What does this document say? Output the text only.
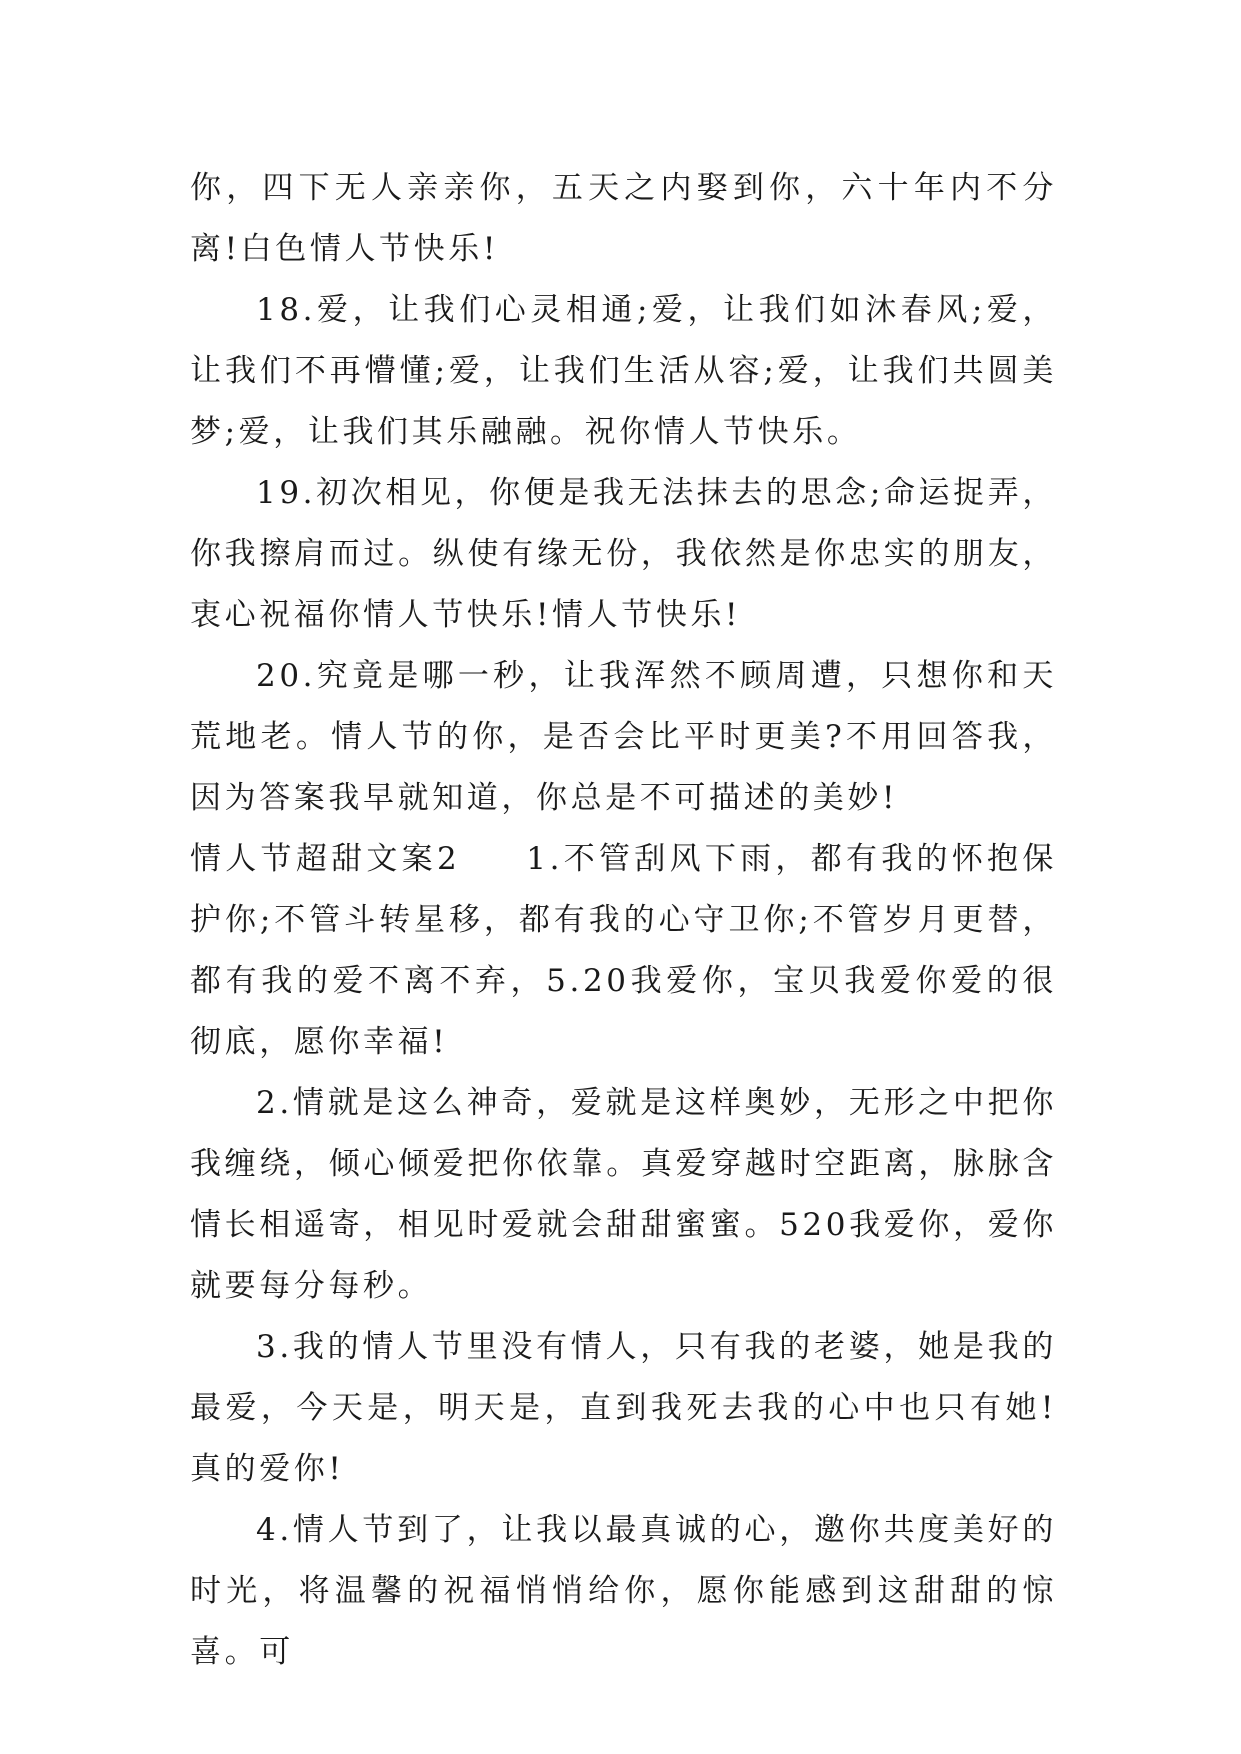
你，四下无人亲亲你，五天之内娶到你，六十年内不分离!白色情人节快乐!

18.爱，让我们心灵相通;爱，让我们如沐春风;爱，让我们不再懵懂;爱，让我们生活从容;爱，让我们共圆美梦;爱，让我们其乐融融。祝你情人节快乐。

19.初次相见，你便是我无法抹去的思念;命运捉弄，你我擦肩而过。纵使有缘无份，我依然是你忠实的朋友，衷心祝福你情人节快乐!情人节快乐!

20.究竟是哪一秒，让我浑然不顾周遭，只想你和天荒地老。情人节的你，是否会比平时更美?不用回答我，因为答案我早就知道，你总是不可描述的美妙!

情人节超甜文案2 1.不管刮风下雨，都有我的怀抱保护你;不管斗转星移，都有我的心守卫你;不管岁月更替，都有我的爱不离不弃，5.20我爱你，宝贝我爱你爱的很彻底，愿你幸福!

2.情就是这么神奇，爱就是这样奥妙，无形之中把你我缠绕，倾心倾爱把你依靠。真爱穿越时空距离，脉脉含情长相遥寄，相见时爱就会甜甜蜜蜜。520我爱你，爱你就要每分每秒。

3.我的情人节里没有情人，只有我的老婆，她是我的最爱，今天是，明天是，直到我死去我的心中也只有她!真的爱你!

4.情人节到了，让我以最真诚的心，邀你共度美好的时光，将温馨的祝福悄悄给你，愿你能感到这甜甜的惊喜。可
